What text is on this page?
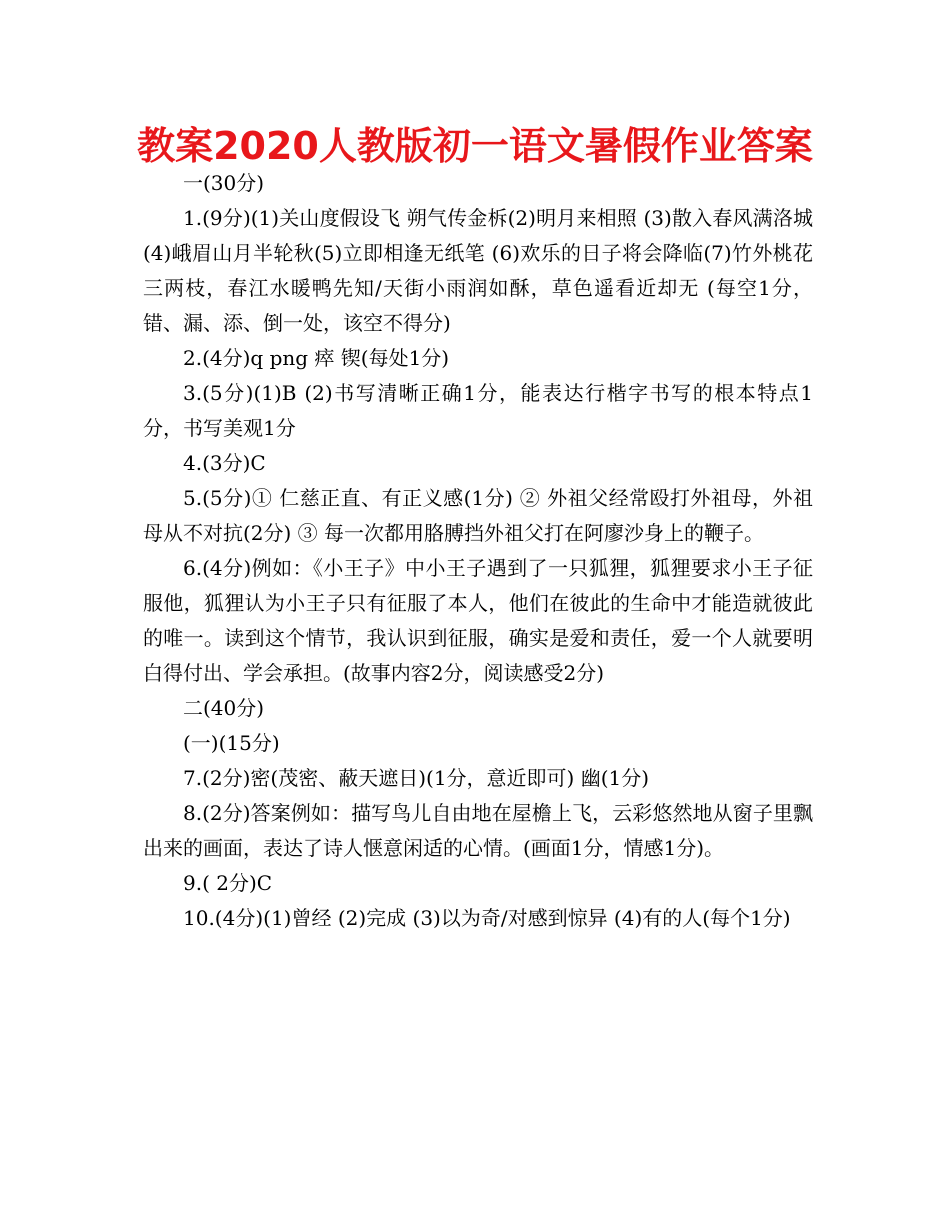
教案2020人教版初一语文暑假作业答案

一(30分)

1.(9分)(1)关山度假设飞 朔气传金柝(2)明月来相照 (3)散入春风满洛城 (4)峨眉山月半轮秋(5)立即相逢无纸笔 (6)欢乐的日子将会降临(7)竹外桃花三两枝，春江水暖鸭先知/天街小雨润如酥，草色遥看近却无 (每空1分，错、漏、添、倒一处，该空不得分)

2.(4分)q png 瘁 锲(每处1分)

3.(5分)(1)B (2)书写清晰正确1分，能表达行楷字书写的根本特点1分，书写美观1分

4.(3分)C

5.(5分)① 仁慈正直、有正义感(1分) ② 外祖父经常殴打外祖母，外祖母从不对抗(2分) ③ 每一次都用胳膊挡外祖父打在阿廖沙身上的鞭子。

6.(4分)例如：《小王子》中小王子遇到了一只狐狸，狐狸要求小王子征服他，狐狸认为小王子只有征服了本人，他们在彼此的生命中才能造就彼此的唯一。读到这个情节，我认识到征服，确实是爱和责任，爱一个人就要明白得付出、学会承担。(故事内容2分，阅读感受2分)

二(40分)

(一)(15分)

7.(2分)密(茂密、蔽天遮日)(1分，意近即可) 幽(1分)

8.(2分)答案例如：描写鸟儿自由地在屋檐上飞，云彩悠然地从窗子里飘出来的画面，表达了诗人惬意闲适的心情。(画面1分，情感1分)。

9.( 2分)C

10.(4分)(1)曾经 (2)完成 (3)以为奇/对感到惊异 (4)有的人(每个1分)
